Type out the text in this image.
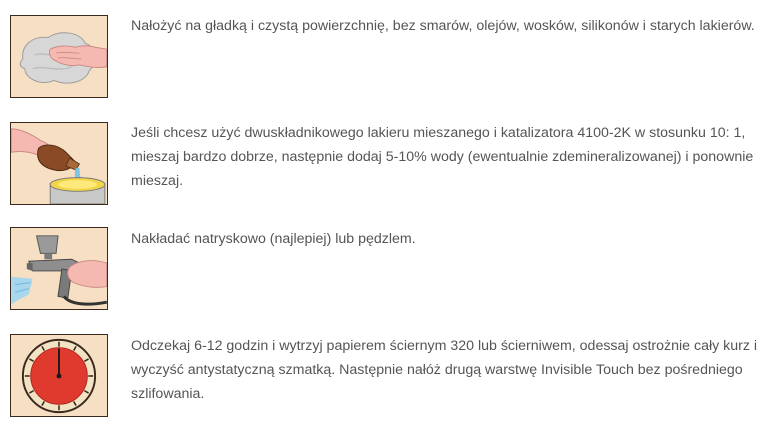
Nałożyć na gładką i czystą powierzchnię, bez smarów, olejów, wosków, silikonów i starych lakierów.

Jeśli chcesz użyć dwuskładnikowego lakieru mieszanego i katalizatora 4100-2K w stosunku 10: 1, mieszaj bardzo dobrze, następnie dodaj 5-10% wody (ewentualnie zdemineralizowanej) i ponownie mieszaj.

Nakładać natryskowo (najlepiej) lub pędzlem.

Odczekaj 6-12 godzin i wytrzyj papierem ściernym 320 lub ścierniwem, odessaj ostrożnie cały kurz i wyczyść antystatyczną szmatką. Następnie nałóż drugą warstwę Invisible Touch bez pośredniego szlifowania.
